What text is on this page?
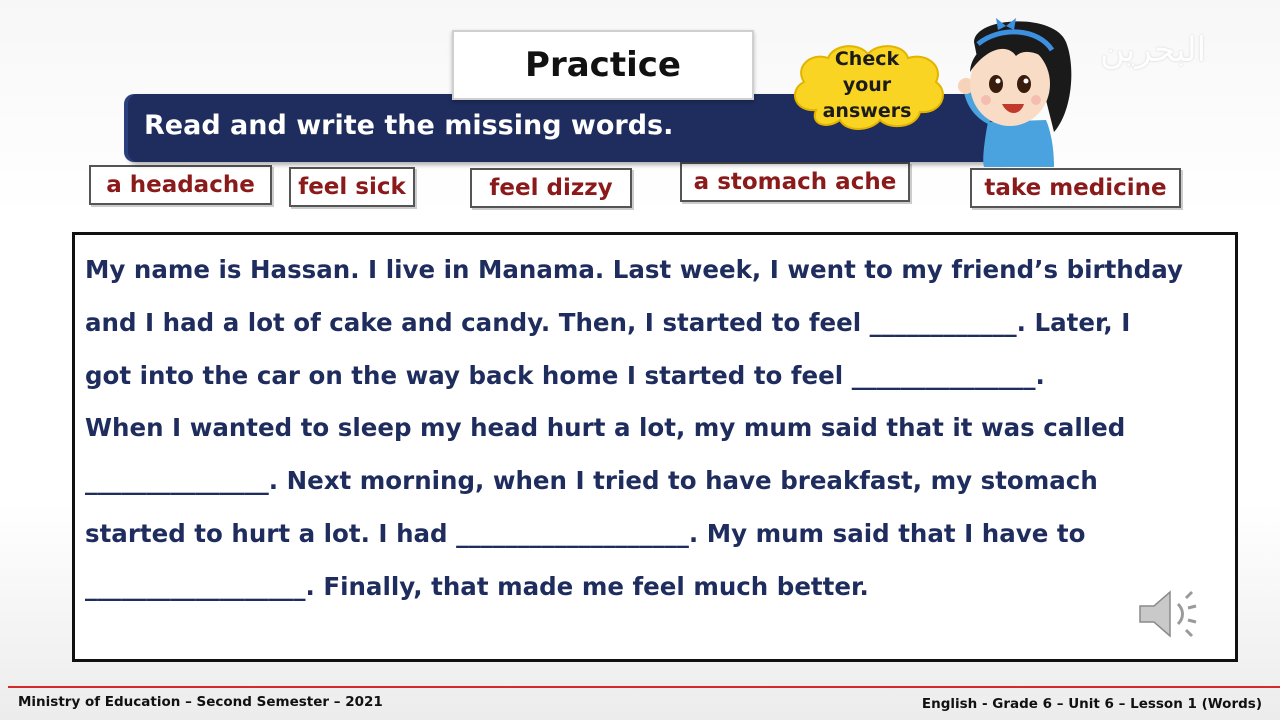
Practice
Read and write the missing words.
Check
your
answers
البحرين
a headache	feel sick	feel dizzy	a stomach ache	take medicine
My name is Hassan. I live in Manama. Last week, I went to my friend’s birthday
and I had a lot of cake and candy. Then, I started to feel ____________. Later, I
got into the car on the way back home I started to feel _______________.
When I wanted to sleep my head hurt a lot, my mum said that it was called
_______________. Next morning, when I tried to have breakfast, my stomach
started to hurt a lot. I had ___________________. My mum said that I have to
__________________. Finally, that made me feel much better.
Ministry of Education – Second Semester – 2021	English - Grade 6 – Unit 6 – Lesson 1 (Words)
